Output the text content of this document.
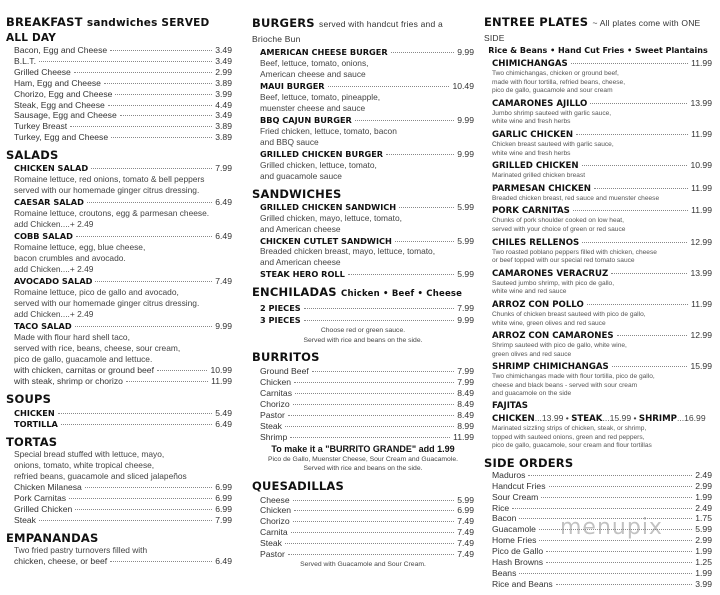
BREAKFAST sandwiches SERVED ALL DAY
Bacon, Egg and Cheese	3.49
B.L.T.	3.49
Grilled Cheese	2.99
Ham, Egg and Cheese	3.89
Chorizo, Egg and Cheese	3.99
Steak, Egg and Cheese	4.49
Sausage, Egg and Cheese	3.49
Turkey Breast	3.89
Turkey, Egg and Cheese	3.89
SALADS
CHICKEN SALAD	7.99
Romaine lettuce, red onions, tomato & bell peppers
served with our homemade ginger citrus dressing.
CAESAR SALAD	6.49
Romaine lettuce, croutons, egg & parmesan cheese.
add Chicken....+ 2.49
COBB SALAD	6.49
Romaine lettuce, egg, blue cheese,
bacon crumbles and avocado.
add Chicken....+ 2.49
AVOCADO SALAD	7.49
Romaine lettuce, pico de gallo and avocado,
served with our homemade ginger citrus dressing.
add Chicken....+ 2.49
TACO SALAD	9.99
Made with flour hard shell taco,
served with rice, beans, cheese, sour cream,
pico de gallo, guacamole and lettuce.
with chicken, carnitas or ground beef	10.99
with steak, shrimp or chorizo	11.99
SOUPS
CHICKEN	5.49
TORTILLA	6.49
TORTAS
Special bread stuffed with lettuce, mayo,
onions, tomato, white tropical cheese,
refried beans, guacamole and sliced jalapeños
Chicken Milanesa	6.99
Pork Carnitas	6.99
Grilled Chicken	6.99
Steak	7.99
EMPANANDAS
Two fried pastry turnovers filled with
chicken, cheese, or beef	6.49
BURGERS served with handcut fries and a Brioche Bun
AMERICAN CHEESE BURGER	9.99
Beef, lettuce, tomato, onions,
American cheese and sauce
MAUI BURGER	10.49
Beef, lettuce, tomato, pineapple,
muenster cheese and sauce
BBQ CAJUN BURGER	9.99
Fried chicken, lettuce, tomato, bacon
and BBQ sauce
GRILLED CHICKEN BURGER	9.99
Grilled chicken, lettuce, tomato,
and guacamole sauce
SANDWICHES
GRILLED CHICKEN SANDWICH	5.99
Grilled chicken, mayo, lettuce, tomato,
and American cheese
CHICKEN CUTLET SANDWICH	5.99
Breaded chicken breast, mayo, lettuce, tomato,
and American cheese
STEAK HERO ROLL	5.99
ENCHILADAS Chicken • Beef • Cheese
2 PIECES	7.99
3 PIECES	9.99
Choose red or green sauce.
Served with rice and beans on the side.
BURRITOS
Ground Beef	7.99
Chicken	7.99
Carnitas	8.49
Chorizo	8.49
Pastor	8.49
Steak	8.99
Shrimp	11.99
To make it a "BURRITO GRANDE" add 1.99
Pico de Gallo, Muenster Cheese, Sour Cream and Guacamole.
Served with rice and beans on the side.
QUESADILLAS
Cheese	5.99
Chicken	6.99
Chorizo	7.49
Carnita	7.49
Steak	7.49
Pastor	7.49
Served with Guacamole and Sour Cream.
ENTREE PLATES ~ All plates come with ONE SIDE
Rice & Beans • Hand Cut Fries • Sweet Plantains
CHIMICHANGAS	11.99
Two chimichangas, chicken or ground beef,
made with flour tortilla, refried beans, cheese,
pico de gallo, guacamole and sour cream
CAMARONES AJILLO	13.99
Jumbo shrimp sauteed with garlic sauce,
white wine and fresh herbs
GARLIC CHICKEN	11.99
Chicken breast sauteed with garlic sauce,
white wine and fresh herbs
GRILLED CHICKEN	10.99
Marinated grilled chicken breast
PARMESAN CHICKEN	11.99
Breaded chicken breast, red sauce and muenster cheese
PORK CARNITAS	11.99
Chunks of pork shoulder cooked on low heat,
served with your choice of green or red sauce
CHILES RELLENOS	12.99
Two roasted poblano peppers filled with chicken, cheese
or beef topped with our special red tomato sauce
CAMARONES VERACRUZ	13.99
Sauteed jumbo shrimp, with pico de gallo,
white wine and red sauce
ARROZ CON POLLO	11.99
Chunks of chicken breast sauteed with pico de gallo,
white wine, green olives and red sauce
ARROZ CON CAMARONES	12.99
Shrimp sauteed with pico de gallo, white wine,
green olives and red sauce
SHRIMP CHIMICHANGAS	15.99
Two chimichangas made with flour tortilla, pico de gallo,
cheese and black beans - served with sour cream
and guacamole on the side
FAJITAS
CHICKEN...13.99 • STEAK...15.99 • SHRIMP...16.99
Marinated sizzling strips of chicken, steak, or shrimp,
topped with sauteed onions, green and red peppers,
pico de gallo, guacamole, sour cream and flour tortillas
SIDE ORDERS
Maduros	2.49
Handcut Fries	2.99
Sour Cream	1.99
Rice	2.49
Bacon	1.75
Guacamole	5.99
Home Fries	2.99
Pico de Gallo	1.99
Hash Browns	1.25
Beans	1.99
Rice and Beans	3.99
menupix
